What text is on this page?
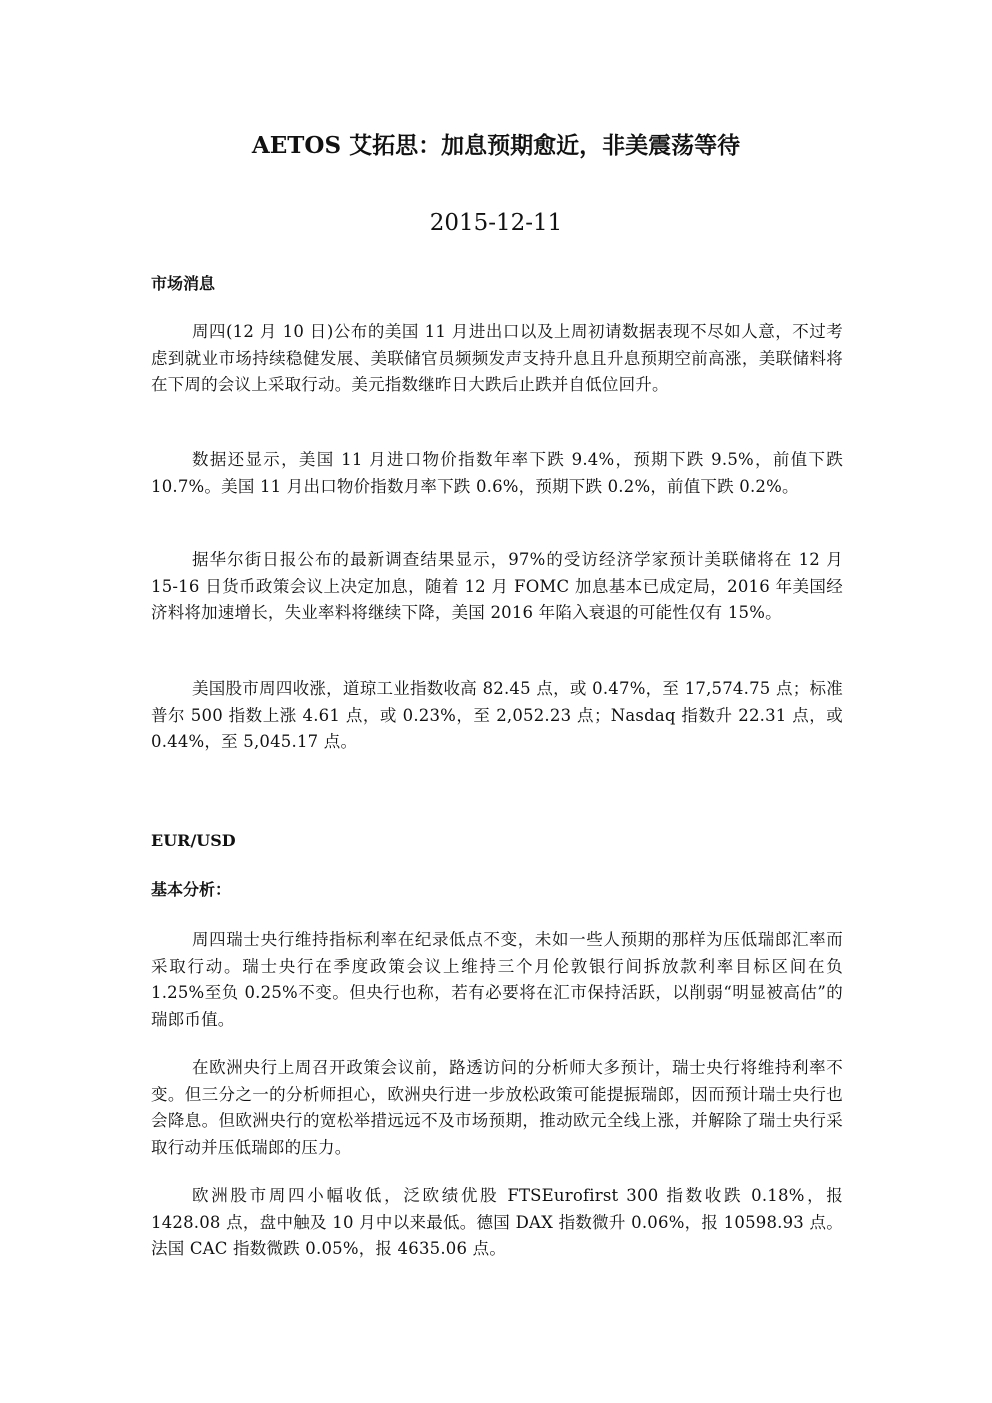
AETOS 艾拓思：加息预期愈近，非美震荡等待
2015-12-11
市场消息

周四(12 月 10 日)公布的美国 11 月进出口以及上周初请数据表现不尽如人意，不过考虑到就业市场持续稳健发展、美联储官员频频发声支持升息且升息预期空前高涨，美联储料将在下周的会议上采取行动。美元指数继昨日大跌后止跌并自低位回升。

数据还显示，美国 11 月进口物价指数年率下跌 9.4%，预期下跌 9.5%，前值下跌 10.7%。美国 11 月出口物价指数月率下跌 0.6%，预期下跌 0.2%，前值下跌 0.2%。

据华尔街日报公布的最新调查结果显示，97%的受访经济学家预计美联储将在 12 月 15-16 日货币政策会议上决定加息，随着 12 月 FOMC 加息基本已成定局，2016 年美国经济料将加速增长，失业率料将继续下降，美国 2016 年陷入衰退的可能性仅有 15%。

美国股市周四收涨，道琼工业指数收高 82.45 点，或 0.47%，至 17,574.75 点；标准普尔 500 指数上涨 4.61 点，或 0.23%，至 2,052.23 点；Nasdaq 指数升 22.31 点，或 0.44%，至 5,045.17 点。

EUR/USD
基本分析：

周四瑞士央行维持指标利率在纪录低点不变，未如一些人预期的那样为压低瑞郎汇率而采取行动。瑞士央行在季度政策会议上维持三个月伦敦银行间拆放款利率目标区间在负 1.25%至负 0.25%不变。但央行也称，若有必要将在汇市保持活跃，以削弱“明显被高估”的瑞郎币值。

在欧洲央行上周召开政策会议前，路透访问的分析师大多预计，瑞士央行将维持利率不变。但三分之一的分析师担心，欧洲央行进一步放松政策可能提振瑞郎，因而预计瑞士央行也会降息。但欧洲央行的宽松举措远远不及市场预期，推动欧元全线上涨，并解除了瑞士央行采取行动并压低瑞郎的压力。

欧洲股市周四小幅收低，泛欧绩优股 FTSEurofirst 300 指数收跌 0.18%，报 1428.08 点，盘中触及 10 月中以来最低。德国 DAX 指数微升 0.06%，报 10598.93 点。法国 CAC 指数微跌 0.05%，报 4635.06 点。
